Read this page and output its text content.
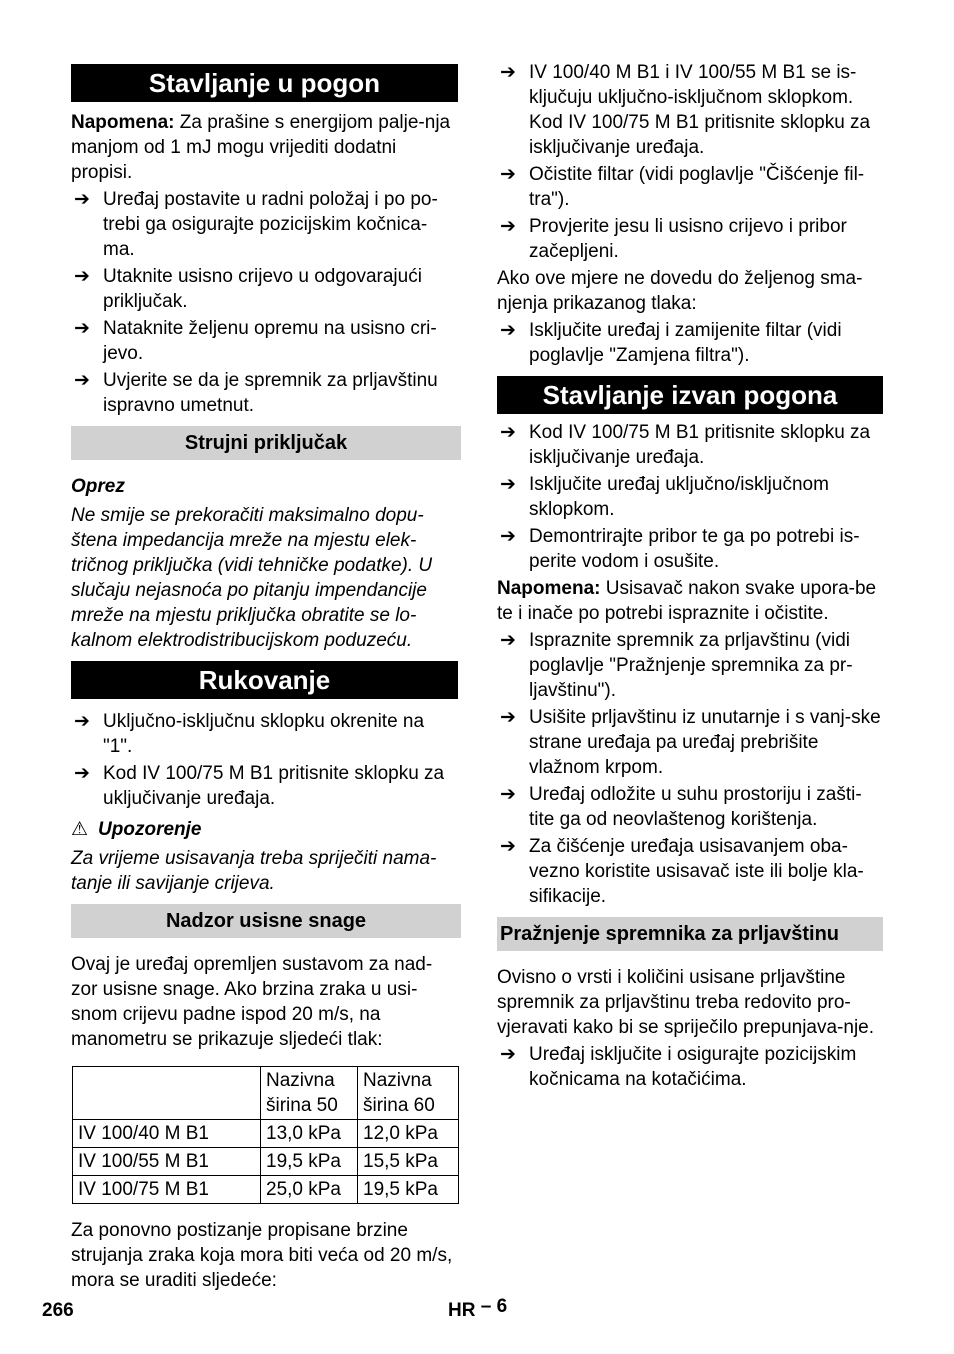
Stavljanje u pogon

Napomena: Za prašine s energijom palje-nja manjom od 1 mJ mogu vrijediti dodatni propisi.

➔ Uređaj postavite u radni položaj i po po-trebi ga osigurajte pozicijskim kočnica-ma.
➔ Utaknite usisno crijevo u odgovarajući priključak.
➔ Nataknite željenu opremu na usisno cri-jevo.
➔ Uvjerite se da je spremnik za prljavštinu ispravno umetnut.
Strujni priključak

Oprez

Ne smije se prekoračiti maksimalno dopu-štena impedancija mreže na mjestu elek-tričnog priključka (vidi tehničke podatke). U slučaju nejasnoća po pitanju impendancije mreže na mjestu priključka obratite se lo-kalnom elektrodistribucijskom poduzeću.

Rukovanje
➔ Uključno-isključnu sklopku okrenite na "1".
➔ Kod IV 100/75 M B1 pritisnite sklopku za uključivanje uređaja.

⚠ Upozorenje

Za vrijeme usisavanja treba spriječiti nama-tanje ili savijanje crijeva.

Nadzor usisne snage

Ovaj je uređaj opremljen sustavom za nad-zor usisne snage. Ako brzina zraka u usi-snom crijevu padne ispod 20 m/s, na manometru se prikazuje sljedeći tlak:

	Nazivna širina 50	Nazivna širina 60
IV 100/40 M B1	13,0 kPa	12,0 kPa
IV 100/55 M B1	19,5 kPa	15,5 kPa
IV 100/75 M B1	25,0 kPa	19,5 kPa

Za ponovno postizanje propisane brzine strujanja zraka koja mora biti veća od 20 m/s, mora se uraditi sljedeće:

➔ IV 100/40 M B1 i IV 100/55 M B1 se is-ključuju uključno-isključnom sklopkom.

Kod IV 100/75 M B1 pritisnite sklopku za isključivanje uređaja.

➔ Očistite filtar (vidi poglavlje "Čišćenje fil-tra").
➔ Provjerite jesu li usisno crijevo i pribor začepljeni.

Ako ove mjere ne dovedu do željenog sma-njenja prikazanog tlaka:

➔ Isključite uređaj i zamijenite filtar (vidi poglavlje "Zamjena filtra").
Stavljanje izvan pogona
➔ Kod IV 100/75 M B1 pritisnite sklopku za isključivanje uređaja.
➔ Isključite uređaj uključno/isključnom sklopkom.
➔ Demontrirajte pribor te ga po potrebi is-perite vodom i osušite.

Napomena: Usisavač nakon svake upora-be te i inače po potrebi ispraznite i očistite.

➔ Ispraznite spremnik za prljavštinu (vidi poglavlje "Pražnjenje spremnika za pr-ljavštinu").
➔ Usišite prljavštinu iz unutarnje i s vanj-ske strane uređaja pa uređaj prebrišite vlažnom krpom.
➔ Uređaj odložite u suhu prostoriju i zašti-tite ga od neovlaštenog korištenja.
➔ Za čišćenje uređaja usisavanjem oba-vezno koristite usisavač iste ili bolje kla-sifikacije.
Pražnjenje spremnika za prljavštinu

Ovisno o vrsti i količini usisane prljavštine spremnik za prljavštinu treba redovito pro-vjeravati kako bi se spriječilo prepunjava-nje.

➔ Uređaj isključite i osigurajte pozicijskim kočnicama na kotačićima.
266	HR – 6
